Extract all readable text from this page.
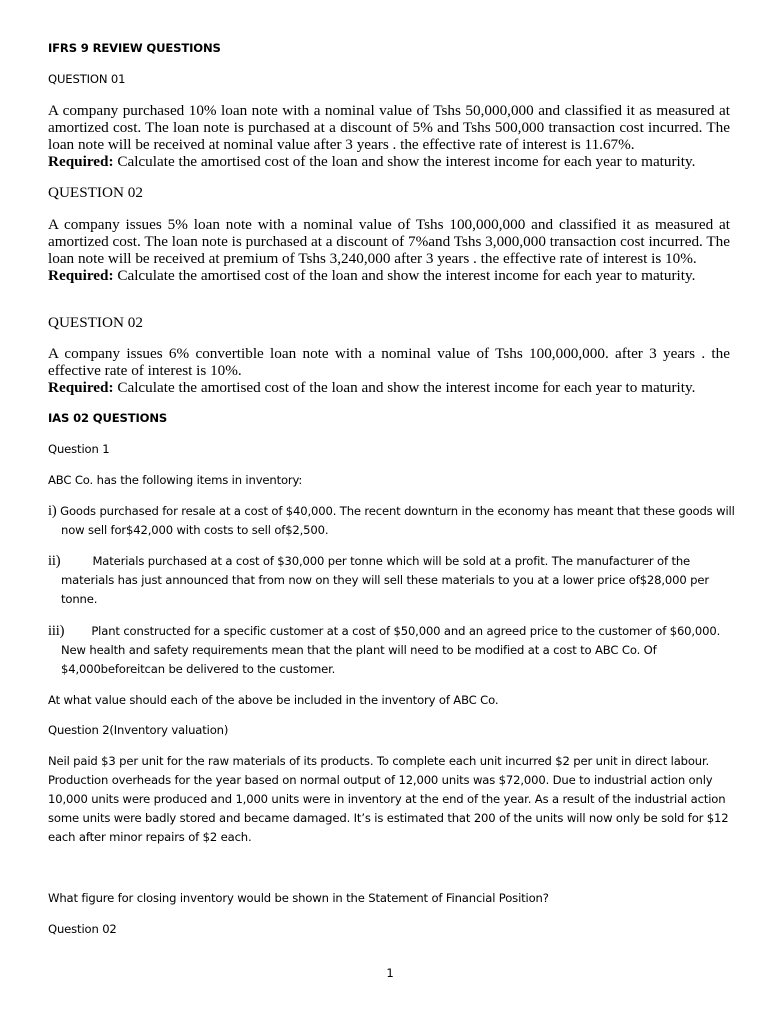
IFRS 9 REVIEW QUESTIONS

QUESTION 01

A company purchased 10% loan note with a nominal value of Tshs 50,000,000 and classified it as measured at amortized cost. The loan note is purchased at a discount of 5% and Tshs 500,000 transaction cost incurred. The loan note will be received at nominal value after 3 years . the effective rate of interest is 11.67%.

Required: Calculate the amortised cost of the loan and show the interest income for each year to maturity.

QUESTION 02

A company issues 5% loan note with a nominal value of Tshs 100,000,000 and classified it as measured at amortized cost. The loan note is purchased at a discount of 7%and Tshs 3,000,000 transaction cost incurred. The loan note will be received at premium of Tshs 3,240,000 after 3 years . the effective rate of interest is 10%.

Required: Calculate the amortised cost of the loan and show the interest income for each year to maturity.

QUESTION 02

A company issues 6% convertible loan note with a nominal value of Tshs 100,000,000. after 3 years . the effective rate of interest is 10%.

Required: Calculate the amortised cost of the loan and show the interest income for each year to maturity.

IAS 02 QUESTIONS

Question 1

ABC Co. has the following items in inventory:

i) Goods purchased for resale at a cost of $40,000. The recent downturn in the economy has meant that these goods will now sell for$42,000 with costs to sell of$2,500.

ii)	Materials purchased at a cost of $30,000 per tonne which will be sold at a profit. The manufacturer of the materials has just announced that from now on they will sell these materials to you at a lower price of$28,000 per tonne.

iii) Plant constructed for a specific customer at a cost of $50,000 and an agreed price to the customer of $60,000. New health and safety requirements mean that the plant will need to be modified at a cost to ABC Co. Of $4,000beforeitcan be delivered to the customer.

At what value should each of the above be included in the inventory of ABC Co.

Question 2(Inventory valuation)

Neil paid $3 per unit for the raw materials of its products. To complete each unit incurred $2 per unit in direct labour. Production overheads for the year based on normal output of 12,000 units was $72,000. Due to industrial action only 10,000 units were produced and 1,000 units were in inventory at the end of the year. As a result of the industrial action some units were badly stored and became damaged. It’s is estimated that 200 of the units will now only be sold for $12 each after minor repairs of $2 each.

What figure for closing inventory would be shown in the Statement of Financial Position?

Question 02

1
